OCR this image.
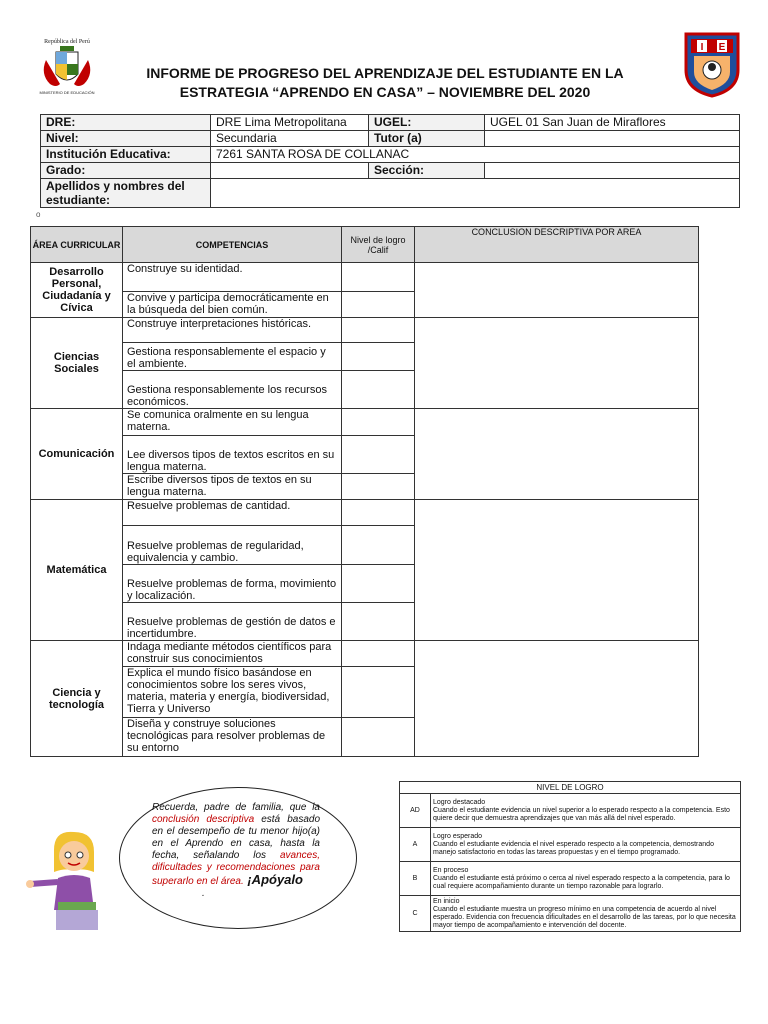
República del Perú
MINISTERIO DE EDUCACIÓN
I E
INFORME DE PROGRESO DEL APRENDIZAJE DEL ESTUDIANTE EN LA
ESTRATEGIA “APRENDO EN CASA” – NOVIEMBRE DEL 2020
DRE:	DRE Lima Metropolitana	UGEL:	UGEL 01 San Juan de Miraflores
Nivel:	Secundaria	Tutor (a)	
Institución Educativa:	7261 SANTA ROSA DE COLLANAC		
Grado:		Sección:	
Apellidos y nombres del estudiante:			
o
ÁREA CURRICULAR	COMPETENCIAS	Nivel de logro /Calif	CONCLUSION DESCRIPTIVA POR AREA
Desarrollo Personal, Ciudadanía y Cívica	Construye su identidad.		
	Convive y participa democráticamente en la búsqueda del bien común.		
Ciencias Sociales	Construye interpretaciones históricas.		
	Gestiona responsablemente el espacio y el ambiente.		
	Gestiona responsablemente los recursos económicos.		
Comunicación	Se comunica oralmente en su lengua materna.		
	Lee diversos tipos de textos escritos en su lengua materna.		
	Escribe diversos tipos de textos en su lengua materna.		
Matemática	Resuelve problemas de cantidad.		
	Resuelve problemas de regularidad, equivalencia y cambio.		
	Resuelve problemas de forma, movimiento y localización.		
	Resuelve problemas de gestión de datos e incertidumbre.		
Ciencia y tecnología	Indaga mediante métodos científicos para construir sus conocimientos		
	Explica el mundo físico basándose en conocimientos sobre los seres vivos, materia, materia y energía, biodiversidad, Tierra y Universo		
	Diseña y construye soluciones tecnológicas para resolver problemas de su entorno		
Recuerda, padre de familia, que la conclusión descriptiva está basado en el desempeño de tu menor hijo(a) en el Aprendo en casa, hasta la fecha, señalando los avances, dificultades y recomendaciones para superarlo en el área. ¡Apóyalo
.
NIVEL DE LOGRO	
AD	Logro destacado
Cuando el estudiante evidencia un nivel superior a lo esperado respecto a la competencia. Esto quiere decir que demuestra aprendizajes que van más allá del nivel esperado.
A	Logro esperado
Cuando el estudiante evidencia el nivel esperado respecto a la competencia, demostrando manejo satisfactorio en todas las tareas propuestas y en el tiempo programado.
B	En proceso
Cuando el estudiante está próximo o cerca al nivel esperado respecto a la competencia, para lo cual requiere acompañamiento durante un tiempo razonable para lograrlo.
C	En inicio
Cuando el estudiante muestra un progreso mínimo en una competencia de acuerdo al nivel esperado. Evidencia con frecuencia dificultades en el desarrollo de las tareas, por lo que necesita mayor tiempo de acompañamiento e intervención del docente.
